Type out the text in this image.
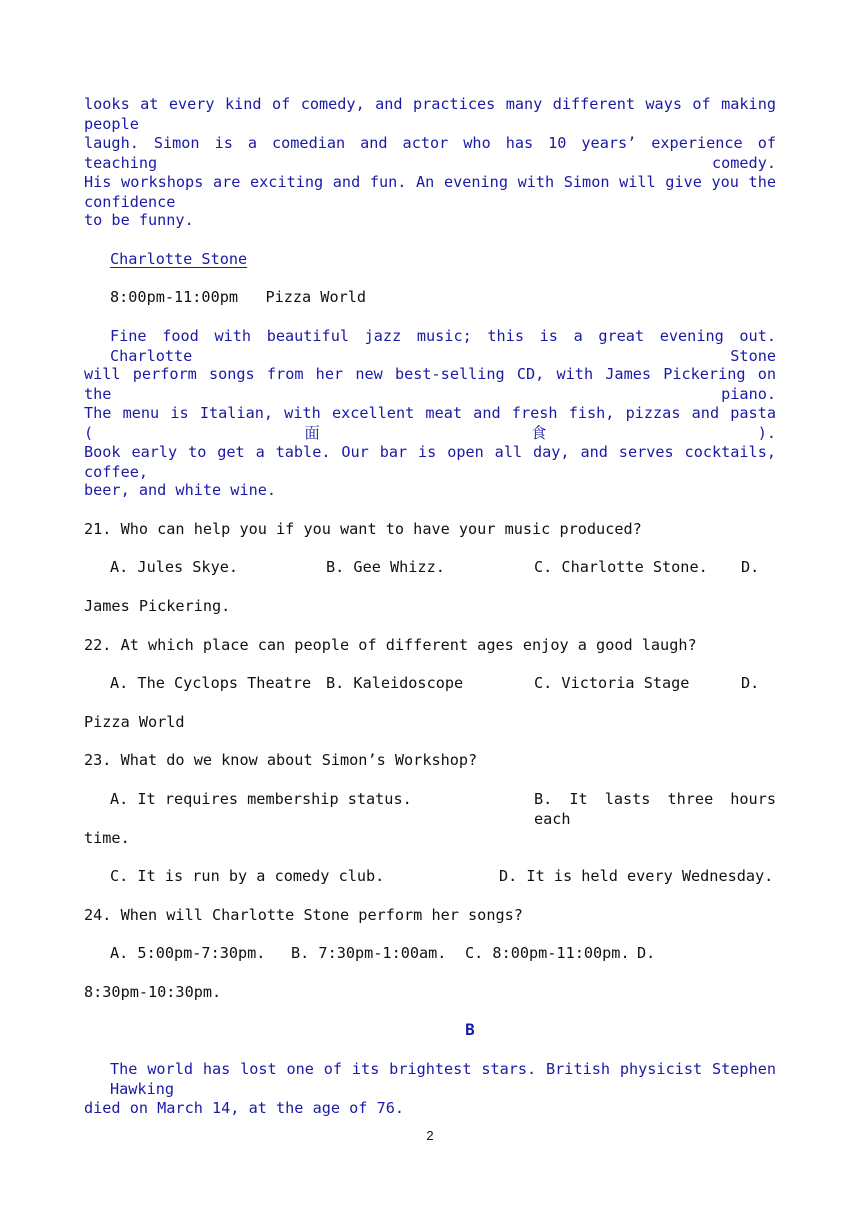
looks at every kind of comedy, and practices many different ways of making people
laugh. Simon is a comedian and actor who has 10 years’ experience of teaching comedy.
His workshops are exciting and fun. An evening with Simon will give you the confidence
to be funny.
Charlotte Stone
8:00pm-11:00pm   Pizza World
Fine food with beautiful jazz music; this is a great evening out. Charlotte Stone
will perform songs from her new best-selling CD, with James Pickering on the piano.
The menu is Italian, with excellent meat and fresh fish, pizzas and pasta (面食).
Book early to get a table. Our bar is open all day, and serves cocktails, coffee,
beer, and white wine.
21. Who can help you if you want to have your music produced?
A. Jules Skye.	B. Gee Whizz.	C. Charlotte Stone. D.
James Pickering.
22. At which place can people of different ages enjoy a good laugh?
A. The Cyclops Theatre B. Kaleidoscope	C. Victoria Stage	D.
Pizza World
23. What do we know about Simon’s Workshop?
A. It requires membership status.	B. It lasts three hours each
time.
C. It is run by a comedy club.	D. It is held every Wednesday.
24. When will Charlotte Stone perform her songs?
A. 5:00pm-7:30pm. B. 7:30pm-1:00am. C. 8:00pm-11:00pm. D.
8:30pm-10:30pm.
B
The world has lost one of its brightest stars. British physicist Stephen Hawking
died on March 14, at the age of 76.
2
